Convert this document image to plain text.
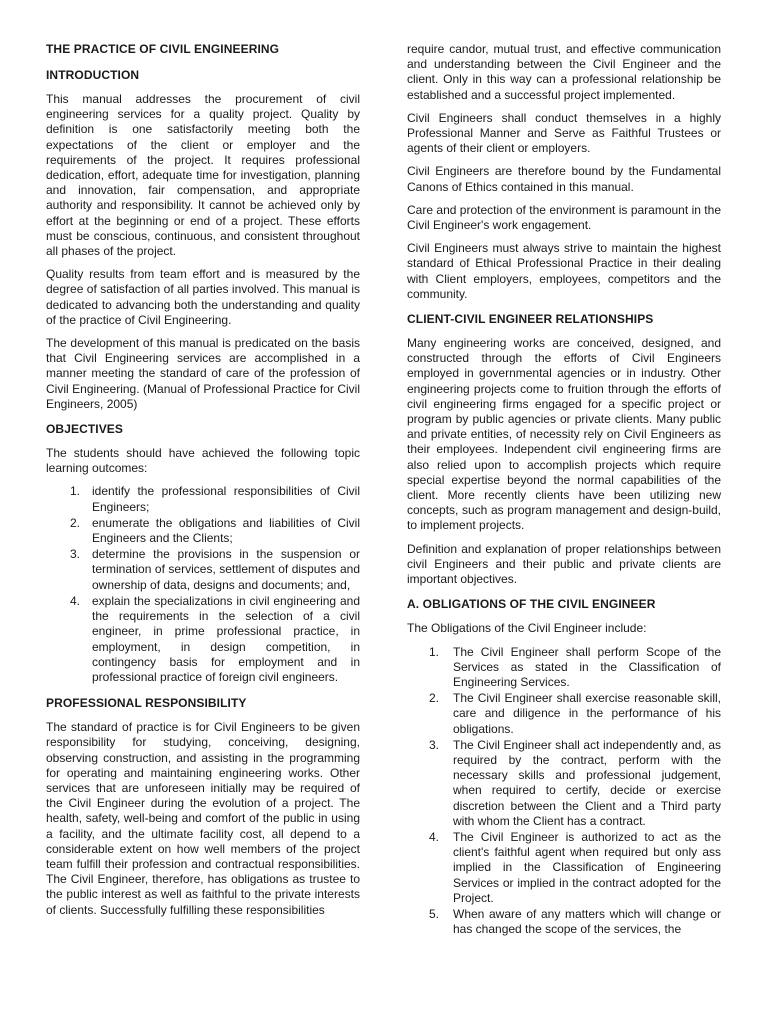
THE PRACTICE OF CIVIL ENGINEERING
INTRODUCTION

This manual addresses the procurement of civil engineering services for a quality project. Quality by definition is one satisfactorily meeting both the expectations of the client or employer and the requirements of the project. It requires professional dedication, effort, adequate time for investigation, planning and innovation, fair compensation, and appropriate authority and responsibility. It cannot be achieved only by effort at the beginning or end of a project. These efforts must be conscious, continuous, and consistent throughout all phases of the project.

Quality results from team effort and is measured by the degree of satisfaction of all parties involved. This manual is dedicated to advancing both the understanding and quality of the practice of Civil Engineering.

The development of this manual is predicated on the basis that Civil Engineering services are accomplished in a manner meeting the standard of care of the profession of Civil Engineering. (Manual of Professional Practice for Civil Engineers, 2005)

OBJECTIVES

The students should have achieved the following topic learning outcomes:

1. identify the professional responsibilities of Civil Engineers;
2. enumerate the obligations and liabilities of Civil Engineers and the Clients;
3. determine the provisions in the suspension or termination of services, settlement of disputes and ownership of data, designs and documents; and,
4. explain the specializations in civil engineering and the requirements in the selection of a civil engineer, in prime professional practice, in employment, in design competition, in contingency basis for employment and in professional practice of foreign civil engineers.
PROFESSIONAL RESPONSIBILITY

The standard of practice is for Civil Engineers to be given responsibility for studying, conceiving, designing, observing construction, and assisting in the programming for operating and maintaining engineering works. Other services that are unforeseen initially may be required of the Civil Engineer during the evolution of a project. The health, safety, well-being and comfort of the public in using a facility, and the ultimate facility cost, all depend to a considerable extent on how well members of the project team fulfill their profession and contractual responsibilities. The Civil Engineer, therefore, has obligations as trustee to the public interest as well as faithful to the private interests of clients. Successfully fulfilling these responsibilities

require candor, mutual trust, and effective communication and understanding between the Civil Engineer and the client. Only in this way can a professional relationship be established and a successful project implemented.

Civil Engineers shall conduct themselves in a highly Professional Manner and Serve as Faithful Trustees or agents of their client or employers.

Civil Engineers are therefore bound by the Fundamental Canons of Ethics contained in this manual.

Care and protection of the environment is paramount in the Civil Engineer's work engagement.

Civil Engineers must always strive to maintain the highest standard of Ethical Professional Practice in their dealing with Client employers, employees, competitors and the community.

CLIENT-CIVIL ENGINEER RELATIONSHIPS

Many engineering works are conceived, designed, and constructed through the efforts of Civil Engineers employed in governmental agencies or in industry. Other engineering projects come to fruition through the efforts of civil engineering firms engaged for a specific project or program by public agencies or private clients. Many public and private entities, of necessity rely on Civil Engineers as their employees. Independent civil engineering firms are also relied upon to accomplish projects which require special expertise beyond the normal capabilities of the client. More recently clients have been utilizing new concepts, such as program management and design-build, to implement projects.

Definition and explanation of proper relationships between civil Engineers and their public and private clients are important objectives.

A. OBLIGATIONS OF THE CIVIL ENGINEER

The Obligations of the Civil Engineer include:

1. The Civil Engineer shall perform Scope of the Services as stated in the Classification of Engineering Services.
2. The Civil Engineer shall exercise reasonable skill, care and diligence in the performance of his obligations.
3. The Civil Engineer shall act independently and, as required by the contract, perform with the necessary skills and professional judgement, when required to certify, decide or exercise discretion between the Client and a Third party with whom the Client has a contract.
4. The Civil Engineer is authorized to act as the client's faithful agent when required but only ass implied in the Classification of Engineering Services or implied in the contract adopted for the Project.
5. When aware of any matters which will change or has changed the scope of the services, the
